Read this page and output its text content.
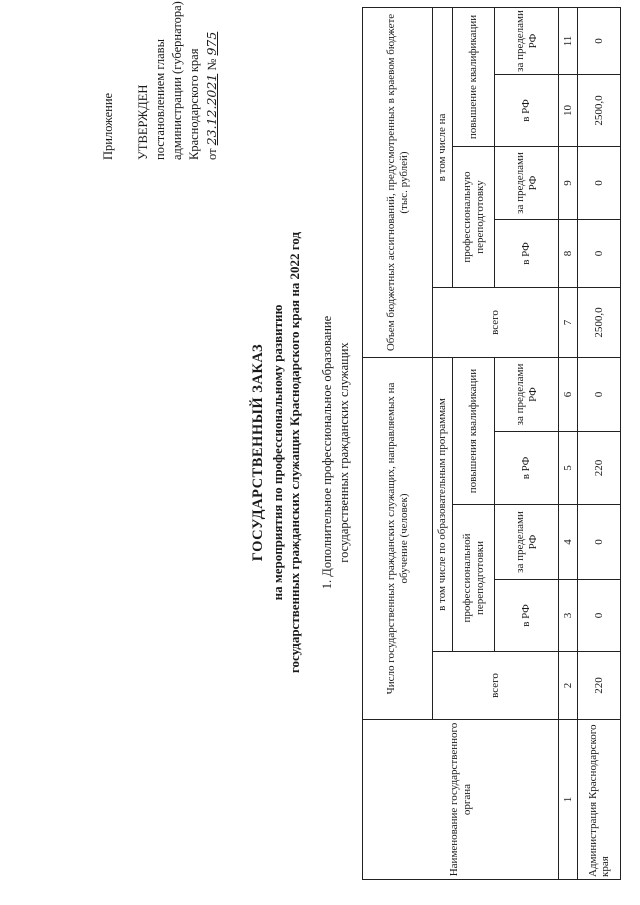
Приложение УТВЕРЖДЕН постановлением главы администрации (губернатора) Краснодарского края от 23.12.2021 № 975
ГОСУДАРСТВЕННЫЙ ЗАКАЗ на мероприятия по профессиональному развитию государственных гражданских служащих Краснодарского края на 2022 год 1. Дополнительное профессиональное образование государственных гражданских служащих
Наименование государственного органа	Число государственных гражданских служащих, направляемых на обучение (человек)					Объем бюджетных ассигнований, предусмотренных в краевом бюджете (тыс. рублей)				
	всего	в том числе по образовательным программам				всего	в том числе на			
		профессиональной переподготовки		повышения квалификации			профессиональную переподготовку		повышение квалификации	
		в РФ	за пределами РФ	в РФ	за пределами РФ		в РФ	за пределами РФ	в РФ	за пределами РФ
1	2	3	4	5	6	7	8	9	10	11
Администрация Краснодарского края	220	0	0	220	0	2500,0	0	0	2500,0	0
